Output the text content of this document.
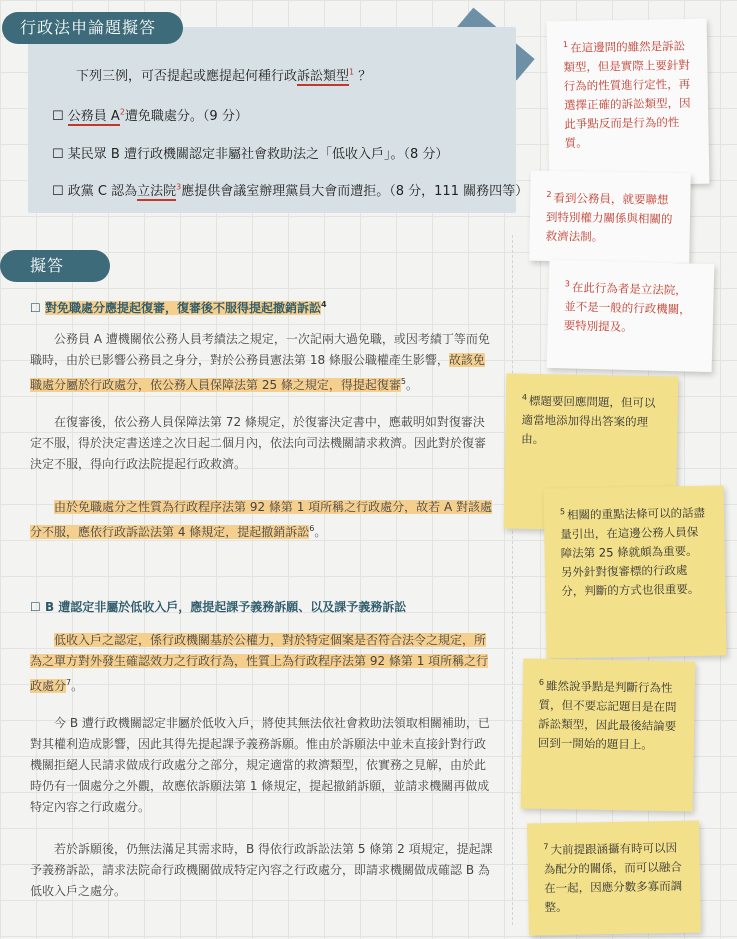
下列三例，可否提起或應提起何種行政訴訟類型$^1$ ？
☐ 公務員 $A^2$遭免職處分。（9 分）
☐ 某民眾 B 遭行政機關認定非屬社會救助法之「低收入戶」。（8 分）
☐ 政黨 C 認為立法院$^3$應提供會議室辦理黨員大會而遭拒。（8 分，111 關務四等）
行政法申論題擬答
擬答
☐ 對免職處分應提起復審，復審後不服得提起撤銷訴訟$^4$

公務員 A 遭機關依公務人員考績法之規定，一次記兩大過免職，或因考績丁等而免職時，由於已影響公務員之身分，對於公務員憲法第 18 條服公職權產生影響，故該免職處分屬於行政處分，依公務人員保障法第 25 條之規定，得提起復審$^5$。

在復審後，依公務人員保障法第 72 條規定，於復審決定書中，應載明如對復審決定不服，得於決定書送達之次日起二個月內，依法向司法機關請求救濟。因此對於復審決定不服，得向行政法院提起行政救濟。

由於免職處分之性質為行政程序法第 92 條第 1 項所稱之行政處分，故若 A 對該處分不服，應依行政訴訟法第 4 條規定，提起撤銷訴訟$^6$。

☐ B 遭認定非屬於低收入戶，應提起課予義務訴願、以及課予義務訴訟

低收入戶之認定，係行政機關基於公權力，對於特定個案是否符合法令之規定，所為之單方對外發生確認效力之行政行為，性質上為行政程序法第 92 條第 1 項所稱之行政處分$^7$。

今 B 遭行政機關認定非屬於低收入戶，將使其無法依社會救助法領取相關補助，已對其權利造成影響，因此其得先提起課予義務訴願。惟由於訴願法中並未直接針對行政機關拒絕人民請求做成行政處分之部分，規定適當的救濟類型，依實務之見解，由於此時仍有一個處分之外觀，故應依訴願法第 1 條規定，提起撤銷訴願，並請求機關再做成特定內容之行政處分。

若於訴願後，仍無法滿足其需求時，B 得依行政訴訟法第 5 條第 2 項規定，提起課予義務訴訟，請求法院命行政機關做成特定內容之行政處分，即請求機關做成確認 B 為低收入戶之處分。

$^1$ 在這邊問的雖然是訴訟類型，但是實際上要針對行為的性質進行定性，再選擇正確的訴訟類型，因此爭點反而是行為的性質。
$^2$ 看到公務員，就要聯想到特別權力關係與相關的救濟法制。
$^3$ 在此行為者是立法院，並不是一般的行政機關，要特別提及。
$^4$ 標題要回應問題，但可以適當地添加得出答案的理由。
$^5$ 相關的重點法條可以的話盡量引出，在這邊公務人員保障法第 25 條就頗為重要。另外針對復審標的行政處分，判斷的方式也很重要。
$^6$ 雖然說爭點是判斷行為性質，但不要忘記題目是在問訴訟類型，因此最後結論要回到一開始的題目上。
$^7$ 大前提跟涵攝有時可以因為配分的關係，而可以融合在一起，因應分數多寡而調整。
